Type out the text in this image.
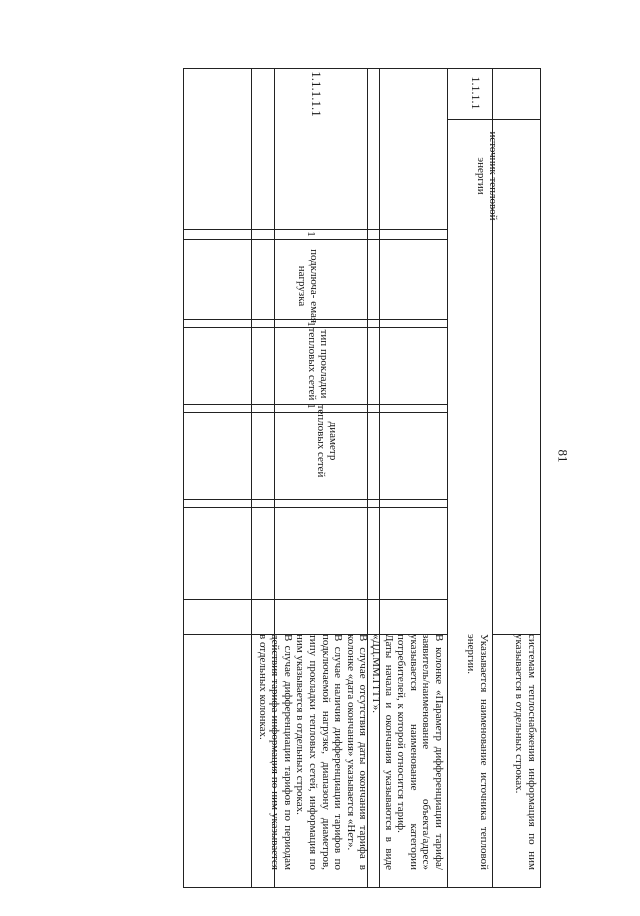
81
системам теплоснабжения информация по ним указывается в отдельных строках.
1.1.1.1
источник тепловой энергии
Указывается наименование источника тепловой энергии.
1.1.1.1.1
1
подключа- емая нагрузка
1
тип прокладки тепловых сетей
1
диаметр тепловых сетей
В колонке «Параметр дифференциации тарифа/заявитель/наименование объекта/адрес» указывается наименование категории потребителей, к которой относится тариф.
Даты начала и окончания указываются в виде «ДД.ММ.ГГГГ».
В случае отсутствия даты окончания тарифа в колонке «дата окончания» указывается «Нет».
В случае наличия дифференциации тарифов по подключаемой нагрузке, диапазону диаметров, типу прокладки тепловых сетей, информация по ним указывается в отдельных строках.
В случае дифференциации тарифов по периодам действия тарифа информация по ним указывается в отдельных колонках.
